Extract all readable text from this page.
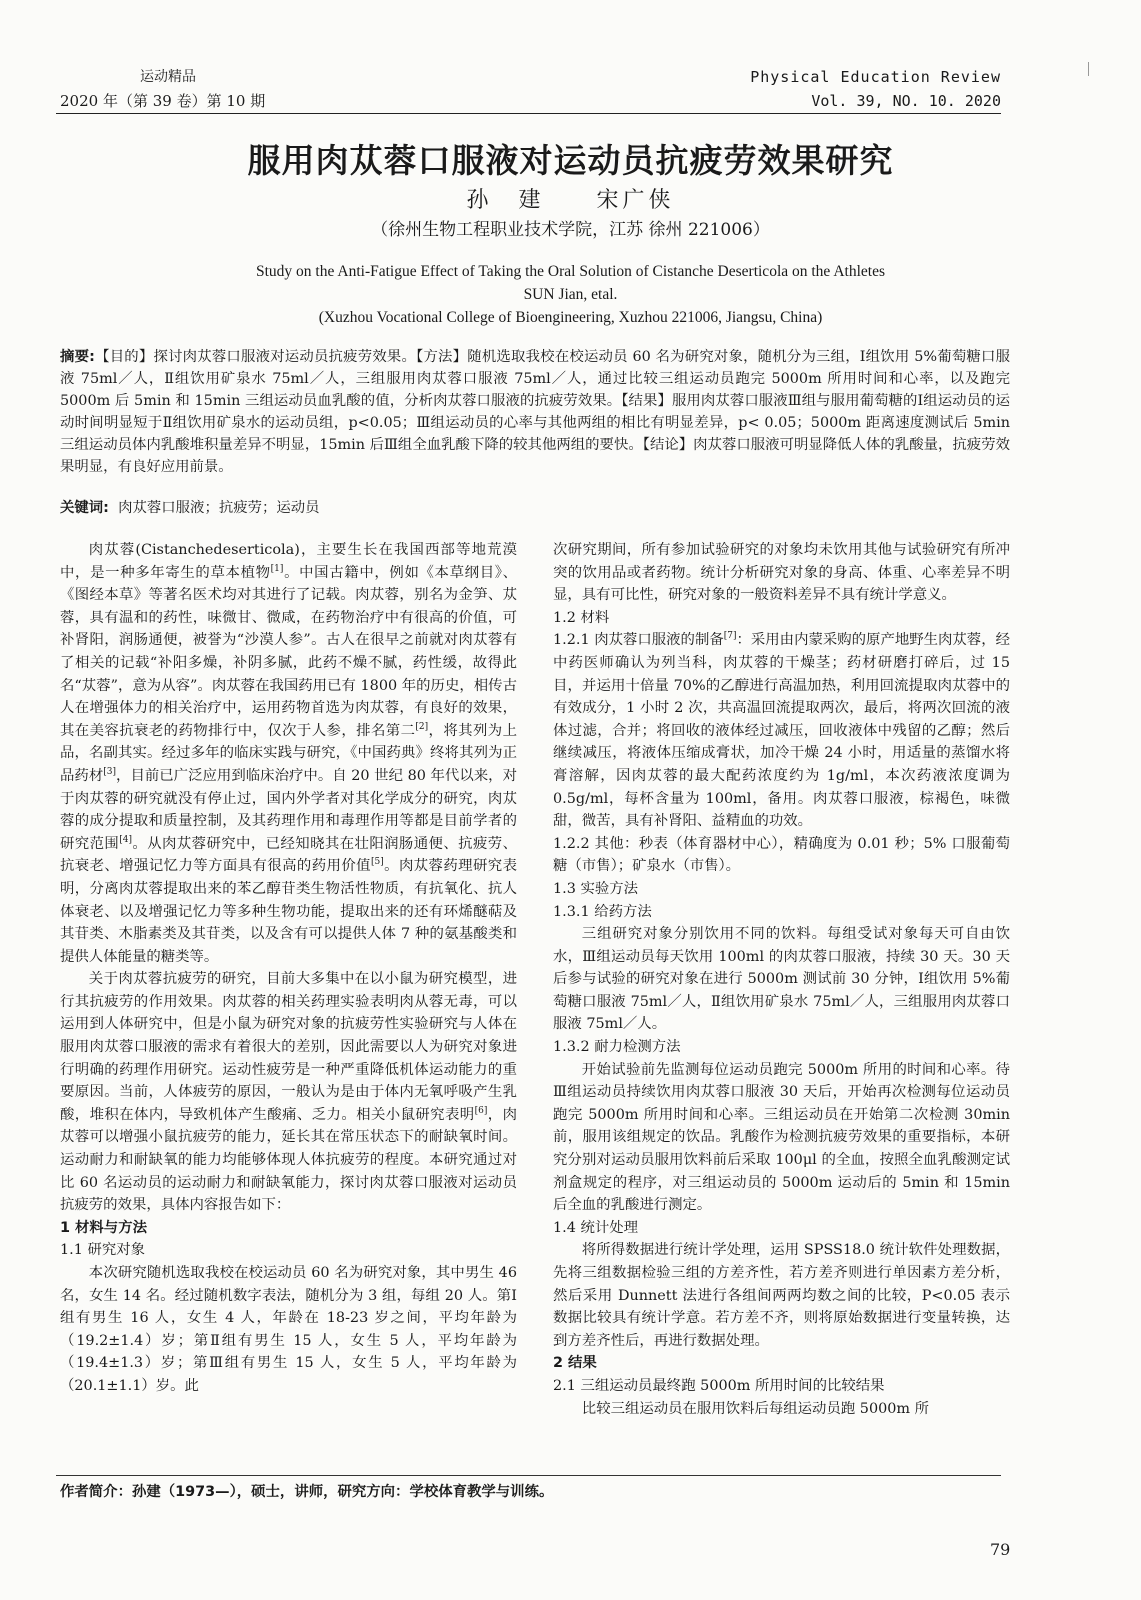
运动精品
2020 年（第 39 卷）第 10 期
Physical Education Review
Vol. 39, NO. 10. 2020
服用肉苁蓉口服液对运动员抗疲劳效果研究
孙　建　　宋广侠
（徐州生物工程职业技术学院，江苏 徐州 221006）
Study on the Anti-Fatigue Effect of Taking the Oral Solution of Cistanche Deserticola on the Athletes
SUN Jian, etal.
(Xuzhou Vocational College of Bioengineering, Xuzhou 221006, Jiangsu, China)
摘要:【目的】探讨肉苁蓉口服液对运动员抗疲劳效果。【方法】随机选取我校在校运动员 60 名为研究对象，随机分为三组，Ⅰ组饮用 5%葡萄糖口服液 75ml／人，Ⅱ组饮用矿泉水 75ml／人，三组服用肉苁蓉口服液 75ml／人，通过比较三组运动员跑完 5000m 所用时间和心率，以及跑完 5000m 后 5min 和 15min 三组运动员血乳酸的值，分析肉苁蓉口服液的抗疲劳效果。【结果】服用肉苁蓉口服液Ⅲ组与服用葡萄糖的Ⅰ组运动员的运动时间明显短于Ⅱ组饮用矿泉水的运动员组，p<0.05；Ⅲ组运动员的心率与其他两组的相比有明显差异，p< 0.05；5000m 距离速度测试后 5min 三组运动员体内乳酸堆积量差异不明显，15min 后Ⅲ组全血乳酸下降的较其他两组的要快。【结论】肉苁蓉口服液可明显降低人体的乳酸量，抗疲劳效果明显，有良好应用前景。
关键词: 肉苁蓉口服液；抗疲劳；运动员

肉苁蓉(Cistanchedeserticola)，主要生长在我国西部等地荒漠中，是一种多年寄生的草本植物[1]。中国古籍中，例如《本草纲目》、《图经本草》等著名医术均对其进行了记载。肉苁蓉，别名为金笋、苁蓉，具有温和的药性，味微甘、微咸，在药物治疗中有很高的价值，可补肾阳，润肠通便，被誉为“沙漠人参”。古人在很早之前就对肉苁蓉有了相关的记载“补阳多燥，补阴多腻，此药不燥不腻，药性缓，故得此名“苁蓉”，意为从容”。肉苁蓉在我国药用已有 1800 年的历史，相传古人在增强体力的相关治疗中，运用药物首选为肉苁蓉，有良好的效果，其在美容抗衰老的药物排行中，仅次于人参，排名第二[2]，将其列为上品，名副其实。经过多年的临床实践与研究，《中国药典》终将其列为正品药材[3]，目前已广泛应用到临床治疗中。自 20 世纪 80 年代以来，对于肉苁蓉的研究就没有停止过，国内外学者对其化学成分的研究，肉苁蓉的成分提取和质量控制，及其药理作用和毒理作用等都是目前学者的研究范围[4]。从肉苁蓉研究中，已经知晓其在壮阳润肠通便、抗疲劳、抗衰老、增强记忆力等方面具有很高的药用价值[5]。肉苁蓉药理研究表明，分离肉苁蓉提取出来的苯乙醇苷类生物活性物质，有抗氧化、抗人体衰老、以及增强记忆力等多种生物功能，提取出来的还有环烯醚萜及其苷类、木脂素类及其苷类，以及含有可以提供人体 7 种的氨基酸类和提供人体能量的糖类等。

关于肉苁蓉抗疲劳的研究，目前大多集中在以小鼠为研究模型，进行其抗疲劳的作用效果。肉苁蓉的相关药理实验表明肉从蓉无毒，可以运用到人体研究中，但是小鼠为研究对象的抗疲劳性实验研究与人体在服用肉苁蓉口服液的需求有着很大的差别，因此需要以人为研究对象进行明确的药理作用研究。运动性疲劳是一种严重降低机体运动能力的重要原因。当前，人体疲劳的原因，一般认为是由于体内无氧呼吸产生乳酸，堆积在体内，导致机体产生酸痛、乏力。相关小鼠研究表明[6]，肉苁蓉可以增强小鼠抗疲劳的能力，延长其在常压状态下的耐缺氧时间。运动耐力和耐缺氧的能力均能够体现人体抗疲劳的程度。本研究通过对比 60 名运动员的运动耐力和耐缺氧能力，探讨肉苁蓉口服液对运动员抗疲劳的效果，具体内容报告如下：

1 材料与方法

1.1 研究对象

本次研究随机选取我校在校运动员 60 名为研究对象，其中男生 46 名，女生 14 名。经过随机数字表法，随机分为 3 组，每组 20 人。第Ⅰ组有男生 16 人，女生 4 人，年龄在 18-23 岁之间，平均年龄为（19.2±1.4）岁；第Ⅱ组有男生 15 人，女生 5 人，平均年龄为（19.4±1.3）岁；第Ⅲ组有男生 15 人，女生 5 人，平均年龄为（20.1±1.1）岁。此

次研究期间，所有参加试验研究的对象均未饮用其他与试验研究有所冲突的饮用品或者药物。统计分析研究对象的身高、体重、心率差异不明显，具有可比性，研究对象的一般资料差异不具有统计学意义。

1.2 材料

1.2.1 肉苁蓉口服液的制备[7]：采用由内蒙采购的原产地野生肉苁蓉，经中药医师确认为列当科，肉苁蓉的干燥茎；药材研磨打碎后，过 15 目，并运用十倍量 70%的乙醇进行高温加热，利用回流提取肉苁蓉中的有效成分，1 小时 2 次，共高温回流提取两次，最后，将两次回流的液体过滤，合并；将回收的液体经过减压，回收液体中残留的乙醇；然后继续减压，将液体压缩成膏状，加冷干燥 24 小时，用适量的蒸馏水将膏溶解，因肉苁蓉的最大配药浓度约为 1g/ml，本次药液浓度调为 0.5g/ml，每杯含量为 100ml，备用。肉苁蓉口服液，棕褐色，味微甜，微苦，具有补肾阳、益精血的功效。

1.2.2 其他：秒表（体育器材中心），精确度为 0.01 秒；5% 口服葡萄糖（市售）；矿泉水（市售）。

1.3 实验方法

1.3.1 给药方法

三组研究对象分别饮用不同的饮料。每组受试对象每天可自由饮水，Ⅲ组运动员每天饮用 100ml 的肉苁蓉口服液，持续 30 天。30 天后参与试验的研究对象在进行 5000m 测试前 30 分钟，Ⅰ组饮用 5%葡萄糖口服液 75ml／人，Ⅱ组饮用矿泉水 75ml／人，三组服用肉苁蓉口服液 75ml／人。

1.3.2 耐力检测方法

开始试验前先监测每位运动员跑完 5000m 所用的时间和心率。待Ⅲ组运动员持续饮用肉苁蓉口服液 30 天后，开始再次检测每位运动员跑完 5000m 所用时间和心率。三组运动员在开始第二次检测 30min 前，服用该组规定的饮品。乳酸作为检测抗疲劳效果的重要指标，本研究分别对运动员服用饮料前后采取 100μl 的全血，按照全血乳酸测定试剂盒规定的程序，对三组运动员的 5000m 运动后的 5min 和 15min 后全血的乳酸进行测定。

1.4 统计处理

将所得数据进行统计学处理，运用 SPSS18.0 统计软件处理数据，先将三组数据检验三组的方差齐性，若方差齐则进行单因素方差分析，然后采用 Dunnett 法进行各组间两两均数之间的比较，P<0.05 表示数据比较具有统计学意。若方差不齐，则将原始数据进行变量转换，达到方差齐性后，再进行数据处理。

2 结果

2.1 三组运动员最终跑 5000m 所用时间的比较结果

比较三组运动员在服用饮料后每组运动员跑 5000m 所

作者简介：孙建（1973—），硕士，讲师，研究方向：学校体育教学与训练。
79
